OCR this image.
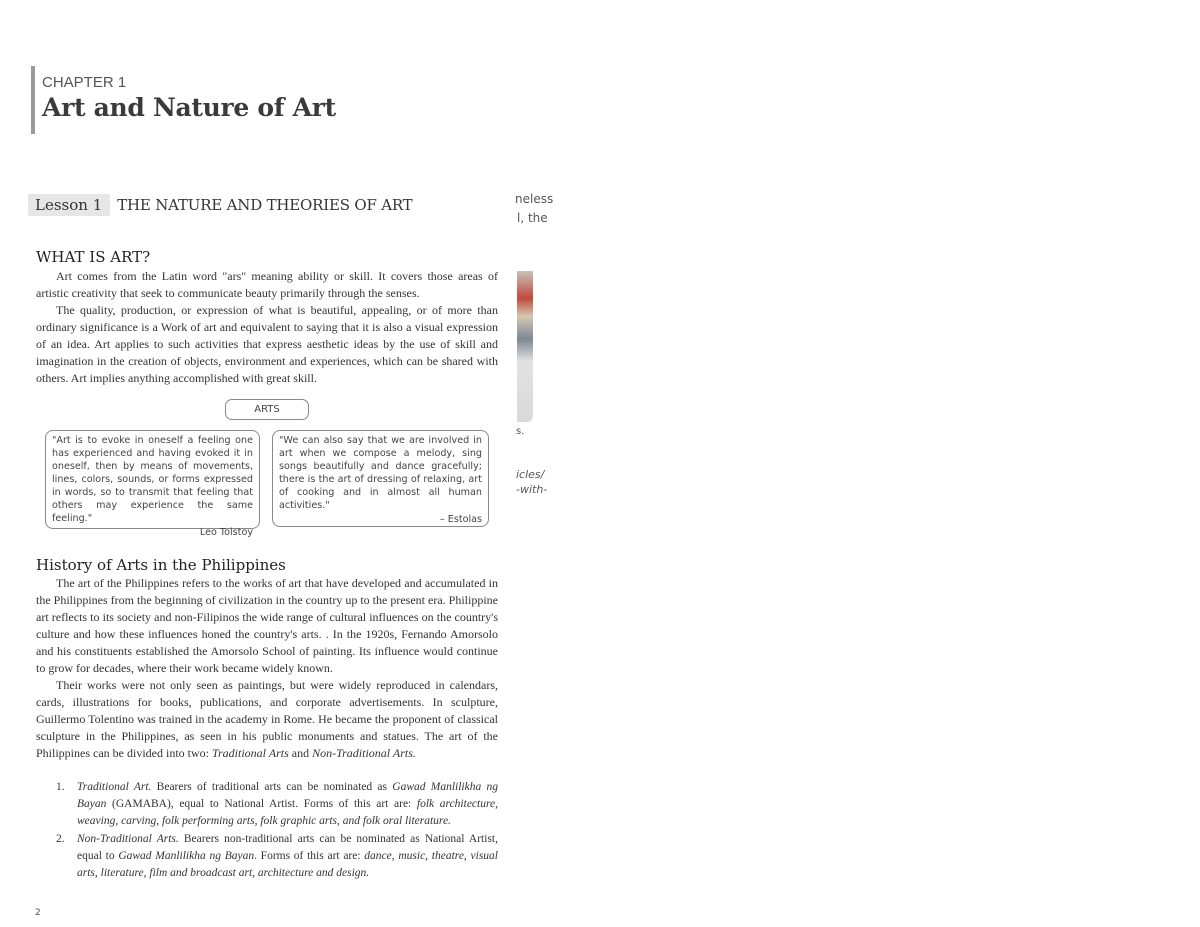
CHAPTER 1
Art and Nature of Art
Lesson 1	THE NATURE AND THEORIES OF ART	neless
l, the
s.
icles/
-with-
WHAT IS ART?

Art comes from the Latin word "ars" meaning ability or skill. It covers those areas of artistic creativity that seek to communicate beauty primarily through the senses.

The quality, production, or expression of what is beautiful, appealing, or of more than ordinary significance is a Work of art and equivalent to saying that it is also a visual expression of an idea. Art applies to such activities that express aesthetic ideas by the use of skill and imagination in the creation of objects, environment and experiences, which can be shared with others. Art implies anything accomplished with great skill.

ARTS
"Art is to evoke in oneself a feeling one has experienced and having evoked it in oneself, then by means of movements, lines, colors, sounds, or forms expressed in words, so to transmit that feeling that others may experience the same feeling."
Leo Tolstoy
"We can also say that we are involved in art when we compose a melody, sing songs beautifully and dance gracefully; there is the art of dressing of relaxing, art of cooking and in almost all human activities."
– Estolas
History of Arts in the Philippines

The art of the Philippines refers to the works of art that have developed and accumulated in the Philippines from the beginning of civilization in the country up to the present era. Philippine art reflects to its society and non-Filipinos the wide range of cultural influences on the country's culture and how these influences honed the country's arts. . In the 1920s, Fernando Amorsolo and his constituents established the Amorsolo School of painting. Its influence would continue to grow for decades, where their work became widely known.

Their works were not only seen as paintings, but were widely reproduced in calendars, cards, illustrations for books, publications, and corporate advertisements. In sculpture, Guillermo Tolentino was trained in the academy in Rome. He became the proponent of classical sculpture in the Philippines, as seen in his public monuments and statues. The art of the Philippines can be divided into two: Traditional Arts and Non-Traditional Arts.

1.	Traditional Art. Bearers of traditional arts can be nominated as Gawad Manlilikha ng Bayan (GAMABA), equal to National Artist. Forms of this art are: folk architecture, weaving, carving, folk performing arts, folk graphic arts, and folk oral literature.
2.	Non-Traditional Arts. Bearers non-traditional arts can be nominated as National Artist, equal to Gawad Manlilikha ng Bayan. Forms of this art are: dance, music, theatre, visual arts, literature, film and broadcast art, architecture and design.
2
